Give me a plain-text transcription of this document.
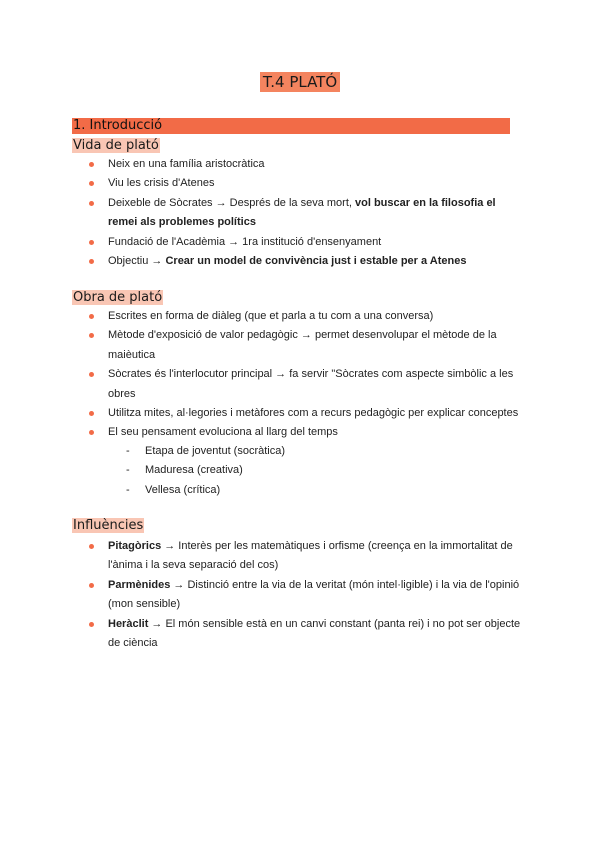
T.4 PLATÓ
1. Introducció
Vida de plató
Neix en una família aristocràtica
Viu les crisis d'Atenes
Deixeble de Sòcrates → Després de la seva mort, vol buscar en la filosofia el remei als problemes polítics
Fundació de l'Acadèmia → 1ra institució d'ensenyament
Objectiu → Crear un model de convivència just i estable per a Atenes
Obra de plató
Escrites en forma de diàleg (que et parla a tu com a una conversa)
Mètode d'exposició de valor pedagògic → permet desenvolupar el mètode de la maièutica
Sòcrates és l'interlocutor principal → fa servir "Sòcrates com aspecte simbòlic a les obres
Utilitza mites, al·legories i metàfores com a recurs pedagògic per explicar conceptes
El seu pensament evoluciona al llarg del temps
- Etapa de joventut (socràtica)
- Maduresa (creativa)
- Vellesa (crítica)
Influències
Pitagòrics → Interès per les matemàtiques i orfisme (creença en la immortalitat de l'ànima i la seva separació del cos)
Parmènides → Distinció entre la via de la veritat (món intel·ligible) i la via de l'opinió (mon sensible)
Heràclit → El món sensible està en un canvi constant (panta rei) i no pot ser objecte de ciència
